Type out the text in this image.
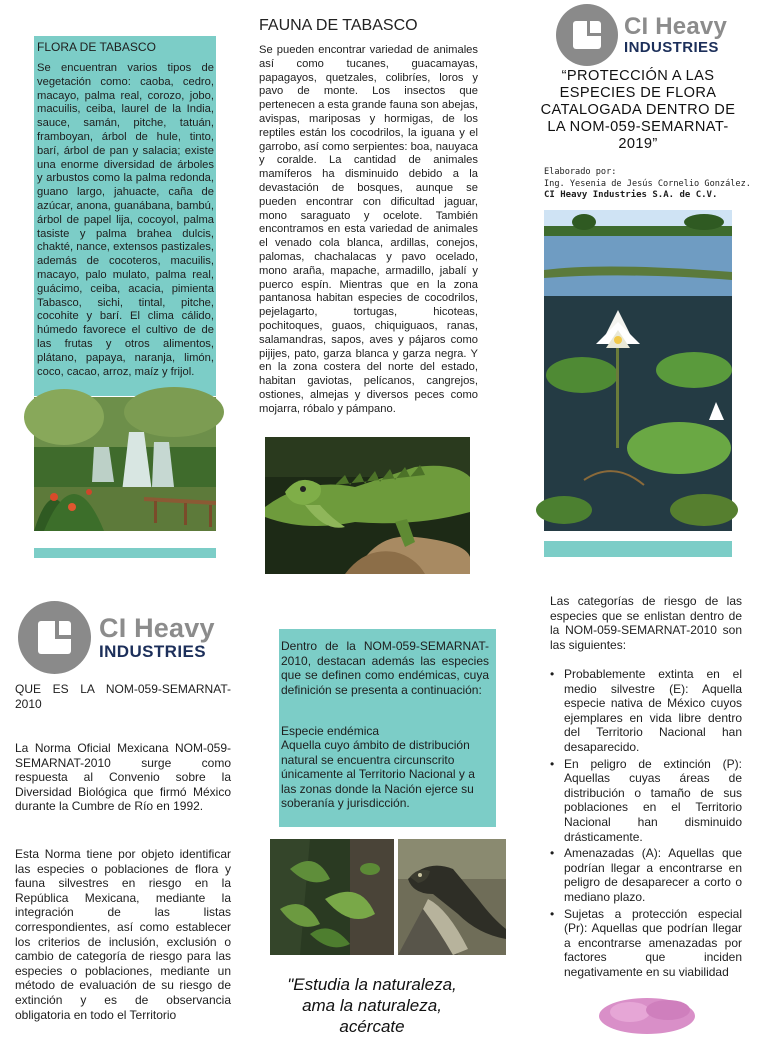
FLORA DE TABASCO
Se encuentran varios tipos de vegetación como: caoba, cedro, macayo, palma real, corozo, jobo, macuilis, ceiba, laurel de la India, sauce, samán, pitche, tatuán, framboyan, árbol de hule, tinto, barí, árbol de pan y salacia; existe una enorme diversidad de árboles y arbustos como la palma redonda, guano largo, jahuacte, caña de azúcar, anona, guanábana, bambú, árbol de papel lija, cocoyol, palma tasiste y palma brahea dulcis, chakté, nance, extensos pastizales, además de cocoteros, macuilis, macayo, palo mulato, palma real, guácimo, ceiba, acacia, pimienta Tabasco, sichi, tintal, pitche, cocohite y barí. El clima cálido, húmedo favorece el cultivo de de las frutas y otros alimentos, plátano, papaya, naranja, limón, coco, cacao, arroz, maíz y frijol.
FAUNA DE TABASCO
Se pueden encontrar variedad de animales así como tucanes, guacamayas, papagayos, quetzales, colibríes, loros y pavo de monte. Los insectos que pertenecen a esta grande fauna son abejas, avispas, mariposas y hormigas, de los reptiles están los cocodrilos, la iguana y el garrobo, así como serpientes: boa, nauyaca y coralde. La cantidad de animales mamíferos ha disminuido debido a la devastación de bosques, aunque se pueden encontrar con dificultad jaguar, mono saraguato y ocelote. También encontramos en esta variedad de animales el venado cola blanca, ardillas, conejos, palomas, chachalacas y pavo ocelado, mono araña, mapache, armadillo, jabalí y puerco espín. Mientras que en la zona pantanosa habitan especies de cocodrilos, pejelagarto, tortugas, hicoteas, pochitoques, guaos, chiquiguaos, ranas, salamandras, sapos, aves y pájaros como pijijes, pato, garza blanca y garza negra. Y en la zona costera del norte del estado, habitan gaviotas, pelícanos, cangrejos, ostiones, almejas y diversos peces como mojarra, róbalo y pámpano.
CI Heavy
INDUSTRIES
“PROTECCIÓN A LAS ESPECIES DE FLORA CATALOGADA DENTRO DE LA NOM-059-SEMARNAT-2019”
Elaborado por:
Ing. Yesenia de Jesús Cornelio González.
CI Heavy Industries S.A. de C.V.
CI Heavy
INDUSTRIES
QUE ES LA NOM-059-SEMARNAT-2010
La Norma Oficial Mexicana NOM-059-SEMARNAT-2010 surge como respuesta al Convenio sobre la Diversidad Biológica que firmó México durante la Cumbre de Río en 1992.
Esta Norma tiene por objeto identificar las especies o poblaciones de flora y fauna silvestres en riesgo en la República Mexicana, mediante la integración de las listas correspondientes, así como establecer los criterios de inclusión, exclusión o cambio de categoría de riesgo para las especies o poblaciones, mediante un método de evaluación de su riesgo de extinción y es de observancia obligatoria en todo el Territorio
Dentro de la NOM-059-SEMARNAT-2010, destacan además las especies que se definen como endémicas, cuya definición se presenta a continuación:
Especie endémica
Aquella cuyo ámbito de distribución natural se encuentra circunscrito únicamente al Territorio Nacional y a las zonas donde la Nación ejerce su soberanía y jurisdicción.
"Estudia la naturaleza, ama la naturaleza, acércate
Las categorías de riesgo de las especies que se enlistan dentro de la NOM-059-SEMARNAT-2010 son las siguientes:
• Probablemente extinta en el medio silvestre (E): Aquella especie nativa de México cuyos ejemplares en vida libre dentro del Territorio Nacional han desaparecido.
• En peligro de extinción (P): Aquellas cuyas áreas de distribución o tamaño de sus poblaciones en el Territorio Nacional han disminuido drásticamente.
• Amenazadas (A): Aquellas que podrían llegar a encontrarse en peligro de desaparecer a corto o mediano plazo.
• Sujetas a protección especial (Pr): Aquellas que podrían llegar a encontrarse amenazadas por factores que inciden negativamente en su viabilidad
